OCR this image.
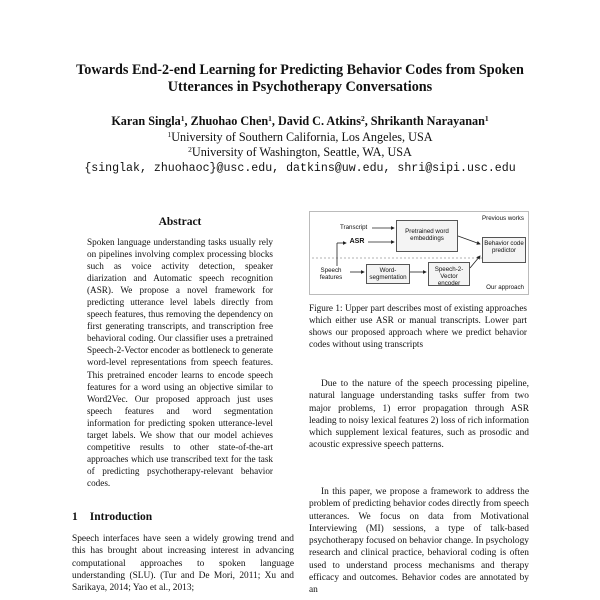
Towards End-2-end Learning for Predicting Behavior Codes from Spoken
Utterances in Psychotherapy Conversations
Karan Singla$^1$, Zhuohao Chen$^1$, David C. Atkins$^2$, Shrikanth Narayanan$^1$
$^1$University of Southern California, Los Angeles, USA
$^2$University of Washington, Seattle, WA, USA
{singlak, zhuohaoc}@usc.edu, datkins@uw.edu, shri@sipi.usc.edu
Abstract
Spoken language understanding tasks usually rely on pipelines involving complex processing blocks such as voice activity detection, speaker diarization and Automatic speech recognition (ASR). We propose a novel framework for predicting utterance level labels directly from speech features, thus removing the dependency on first generating transcripts, and transcription free behavioral coding. Our classifier uses a pretrained Speech-2-Vector encoder as bottleneck to generate word-level representations from speech features. This pretrained encoder learns to encode speech features for a word using an objective similar to Word2Vec. Our proposed approach just uses speech features and word segmentation information for predicting spoken utterance-level target labels. We show that our model achieves competitive results to other state-of-the-art approaches which use transcribed text for the task of predicting psychotherapy-relevant behavior codes.
1 Introduction
Speech interfaces have seen a widely growing trend and this has brought about increasing interest in advancing computational approaches to spoken language understanding (SLU). (Tur and De Mori, 2011; Xu and Sarikaya, 2014; Yao et al., 2013;
Previous works
Transcript
ASR
Pretrained word embeddings
Behavior code predictor
Speech features
Word-segmentation
Speech-2-Vector encoder
Our approach
Figure 1: Upper part describes most of existing approaches which either use ASR or manual transcripts. Lower part shows our proposed approach where we predict behavior codes without using transcripts
Due to the nature of the speech processing pipeline, natural language understanding tasks suffer from two major problems, 1) error propagation through ASR leading to noisy lexical features 2) loss of rich information which supplement lexical features, such as prosodic and acoustic expressive speech patterns.
In this paper, we propose a framework to address the problem of predicting behavior codes directly from speech utterances. We focus on data from Motivational Interviewing (MI) sessions, a type of talk-based psychotherapy focused on behavior change. In psychology research and clinical practice, behavioral coding is often used to understand process mechanisms and therapy efficacy and outcomes. Behavior codes are annotated by an
